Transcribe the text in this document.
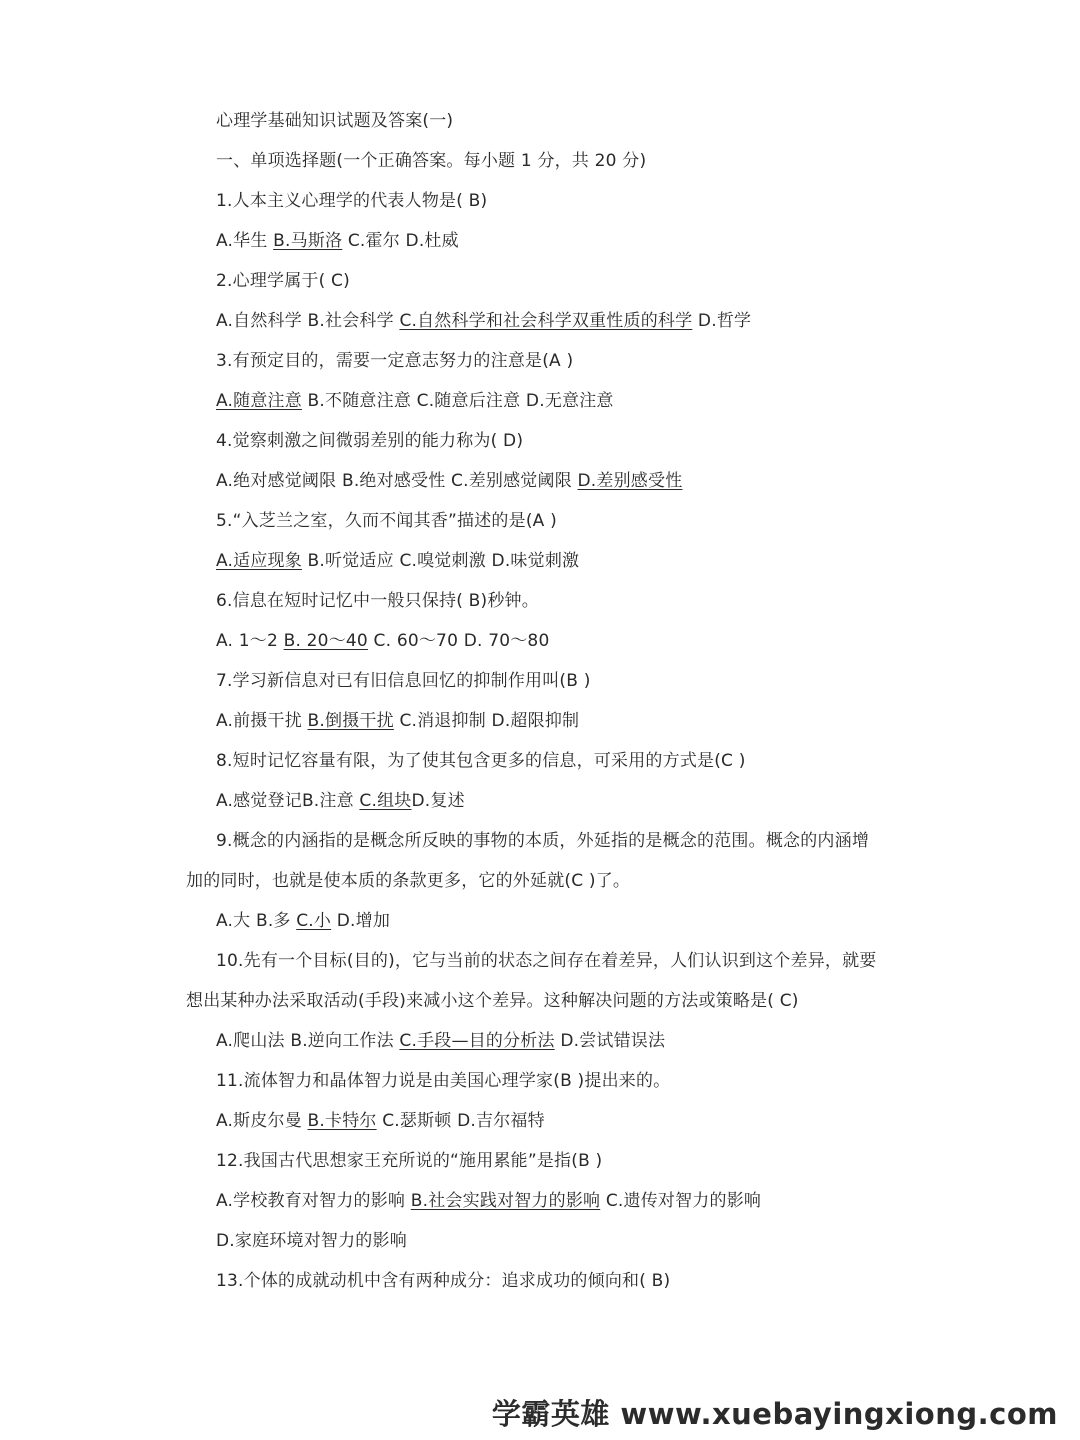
心理学基础知识试题及答案(一)
一、单项选择题(一个正确答案。每小题 1 分，共 20 分)
1.人本主义心理学的代表人物是( B)
A.华生 B.马斯洛 C.霍尔 D.杜威
2.心理学属于( C)
A.自然科学 B.社会科学 C.自然科学和社会科学双重性质的科学 D.哲学
3.有预定目的，需要一定意志努力的注意是(A )
A.随意注意 B.不随意注意 C.随意后注意 D.无意注意
4.觉察刺激之间微弱差别的能力称为( D)
A.绝对感觉阈限 B.绝对感受性 C.差别感觉阈限 D.差别感受性
5.“入芝兰之室，久而不闻其香”描述的是(A )
A.适应现象 B.听觉适应 C.嗅觉刺激 D.味觉刺激
6.信息在短时记忆中一般只保持( B)秒钟。
A. 1～2 B. 20～40 C. 60～70 D. 70～80
7.学习新信息对已有旧信息回忆的抑制作用叫(B )
A.前摄干扰 B.倒摄干扰 C.消退抑制 D.超限抑制
8.短时记忆容量有限，为了使其包含更多的信息，可采用的方式是(C )
A.感觉登记B.注意 C.组块D.复述
9.概念的内涵指的是概念所反映的事物的本质，外延指的是概念的范围。概念的内涵增
加的同时，也就是使本质的条款更多，它的外延就(C )了。
A.大 B.多 C.小 D.增加
10.先有一个目标(目的)，它与当前的状态之间存在着差异，人们认识到这个差异，就要
想出某种办法采取活动(手段)来减小这个差异。这种解决问题的方法或策略是( C)
A.爬山法 B.逆向工作法 C.手段—目的分析法 D.尝试错误法
11.流体智力和晶体智力说是由美国心理学家(B )提出来的。
A.斯皮尔曼 B.卡特尔 C.瑟斯顿 D.吉尔福特
12.我国古代思想家王充所说的“施用累能”是指(B )
A.学校教育对智力的影响 B.社会实践对智力的影响 C.遗传对智力的影响
D.家庭环境对智力的影响
13.个体的成就动机中含有两种成分：追求成功的倾向和( B)
学霸英雄 www.xuebayingxiong.com
